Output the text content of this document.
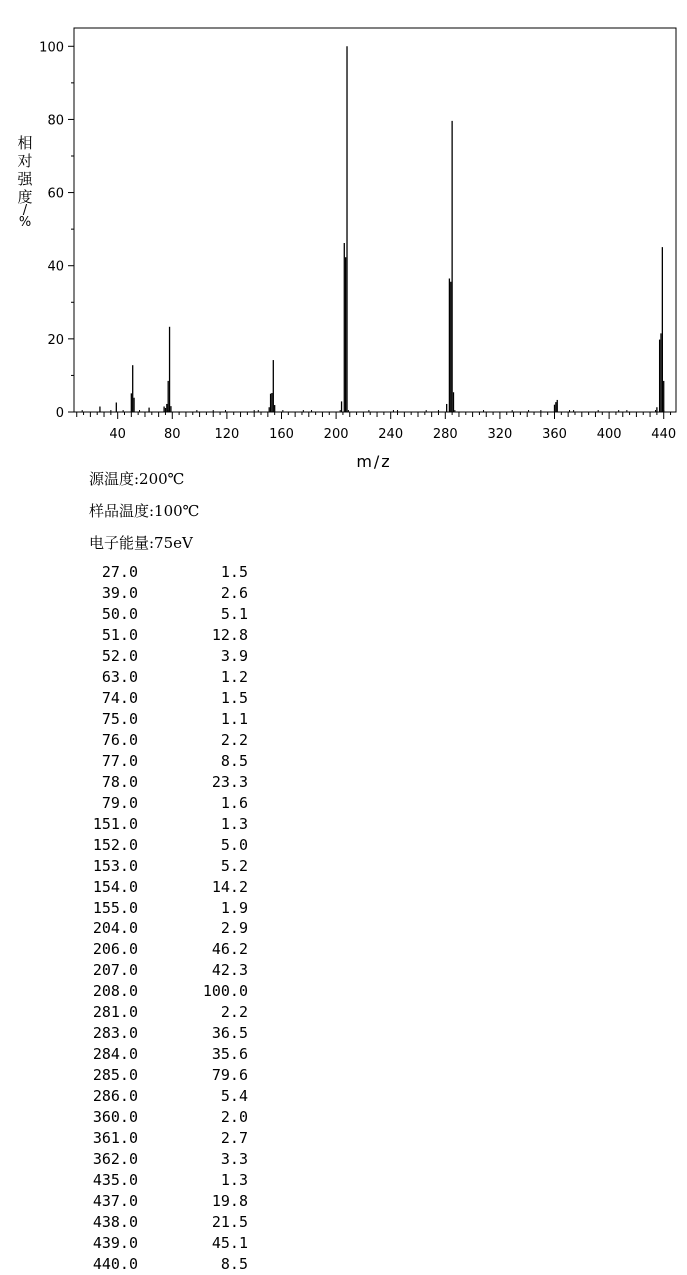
0
20
40
60
80
100
40	80	120 160 200 240 280 320 360 400 440
相对强度/ %
m/z
源温度:200℃
样品温度:100℃
电子能量:75eV
27.0	1.5
39.0	2.6
50.0	5.1
51.0	12.8
52.0	3.9
63.0	1.2
74.0	1.5
75.0	1.1
76.0	2.2
77.0	8.5
78.0	23.3
79.0	1.6
151.0	1.3
152.0	5.0
153.0	5.2
154.0	14.2
155.0	1.9
204.0	2.9
206.0	46.2
207.0	42.3
208.0	100.0
281.0	2.2
283.0	36.5
284.0	35.6
285.0	79.6
286.0	5.4
360.0	2.0
361.0	2.7
362.0	3.3
435.0	1.3
437.0	19.8
438.0	21.5
439.0	45.1
440.0	8.5
